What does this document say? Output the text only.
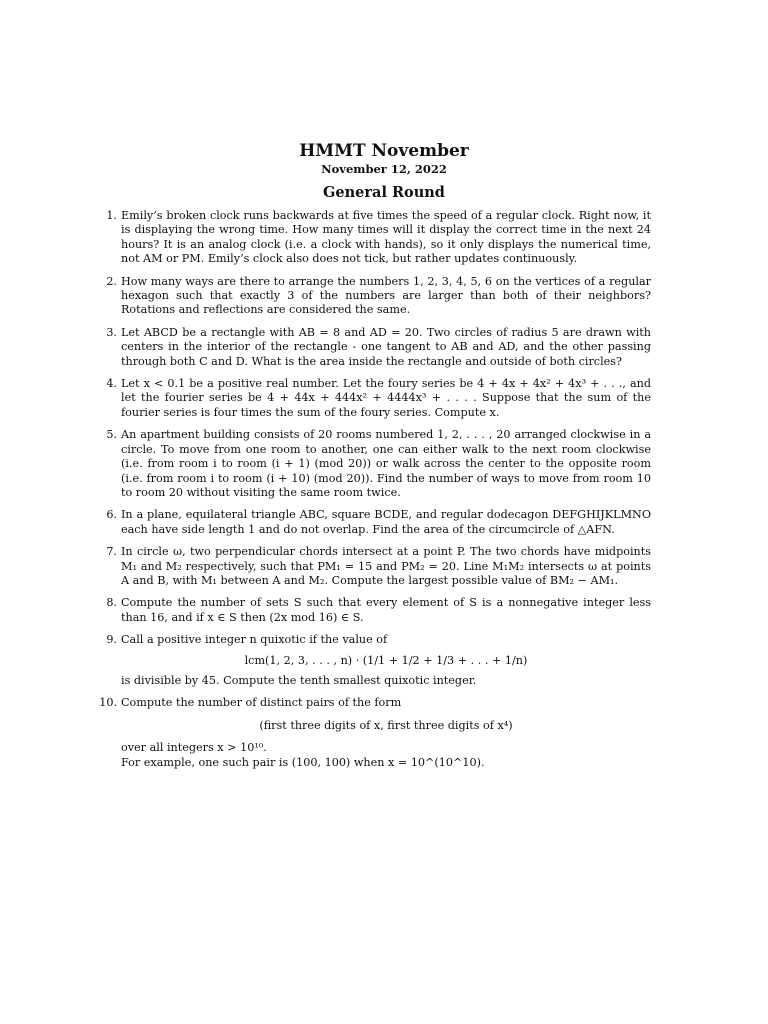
HMMT November
November 12, 2022
General Round
1. Emily’s broken clock runs backwards at five times the speed of a regular clock. Right now, it is displaying the wrong time. How many times will it display the correct time in the next 24 hours? It is an analog clock (i.e. a clock with hands), so it only displays the numerical time, not AM or PM. Emily’s clock also does not tick, but rather updates continuously.

2. How many ways are there to arrange the numbers 1, 2, 3, 4, 5, 6 on the vertices of a regular hexagon such that exactly 3 of the numbers are larger than both of their neighbors? Rotations and reflections are considered the same.

3. Let ABCD be a rectangle with AB = 8 and AD = 20. Two circles of radius 5 are drawn with centers in the interior of the rectangle - one tangent to AB and AD, and the other passing through both C and D. What is the area inside the rectangle and outside of both circles?

4. Let x < 0.1 be a positive real number. Let the foury series be 4 + 4x + 4x² + 4x³ + . . ., and let the fourier series be 4 + 44x + 444x² + 4444x³ + . . . . Suppose that the sum of the fourier series is four times the sum of the foury series. Compute x.

5. An apartment building consists of 20 rooms numbered 1, 2, . . . , 20 arranged clockwise in a circle. To move from one room to another, one can either walk to the next room clockwise (i.e. from room i to room (i + 1) (mod 20)) or walk across the center to the opposite room (i.e. from room i to room (i + 10) (mod 20)). Find the number of ways to move from room 10 to room 20 without visiting the same room twice.

6. In a plane, equilateral triangle ABC, square BCDE, and regular dodecagon DEFGHIJKLMNO each have side length 1 and do not overlap. Find the area of the circumcircle of △AFN.

7. In circle ω, two perpendicular chords intersect at a point P. The two chords have midpoints M₁ and M₂ respectively, such that PM₁ = 15 and PM₂ = 20. Line M₁M₂ intersects ω at points A and B, with M₁ between A and M₂. Compute the largest possible value of BM₂ − AM₁.

8. Compute the number of sets S such that every element of S is a nonnegative integer less than 16, and if x ∈ S then (2x mod 16) ∈ S.

9. Call a positive integer n quixotic if the value of

lcm(1, 2, 3, . . . , n) · (1/1 + 1/2 + 1/3 + . . . + 1/n)

is divisible by 45. Compute the tenth smallest quixotic integer.

10. Compute the number of distinct pairs of the form

(first three digits of x, first three digits of x⁴)

over all integers x > 10¹⁰.

For example, one such pair is (100, 100) when x = 10^(10^10).
